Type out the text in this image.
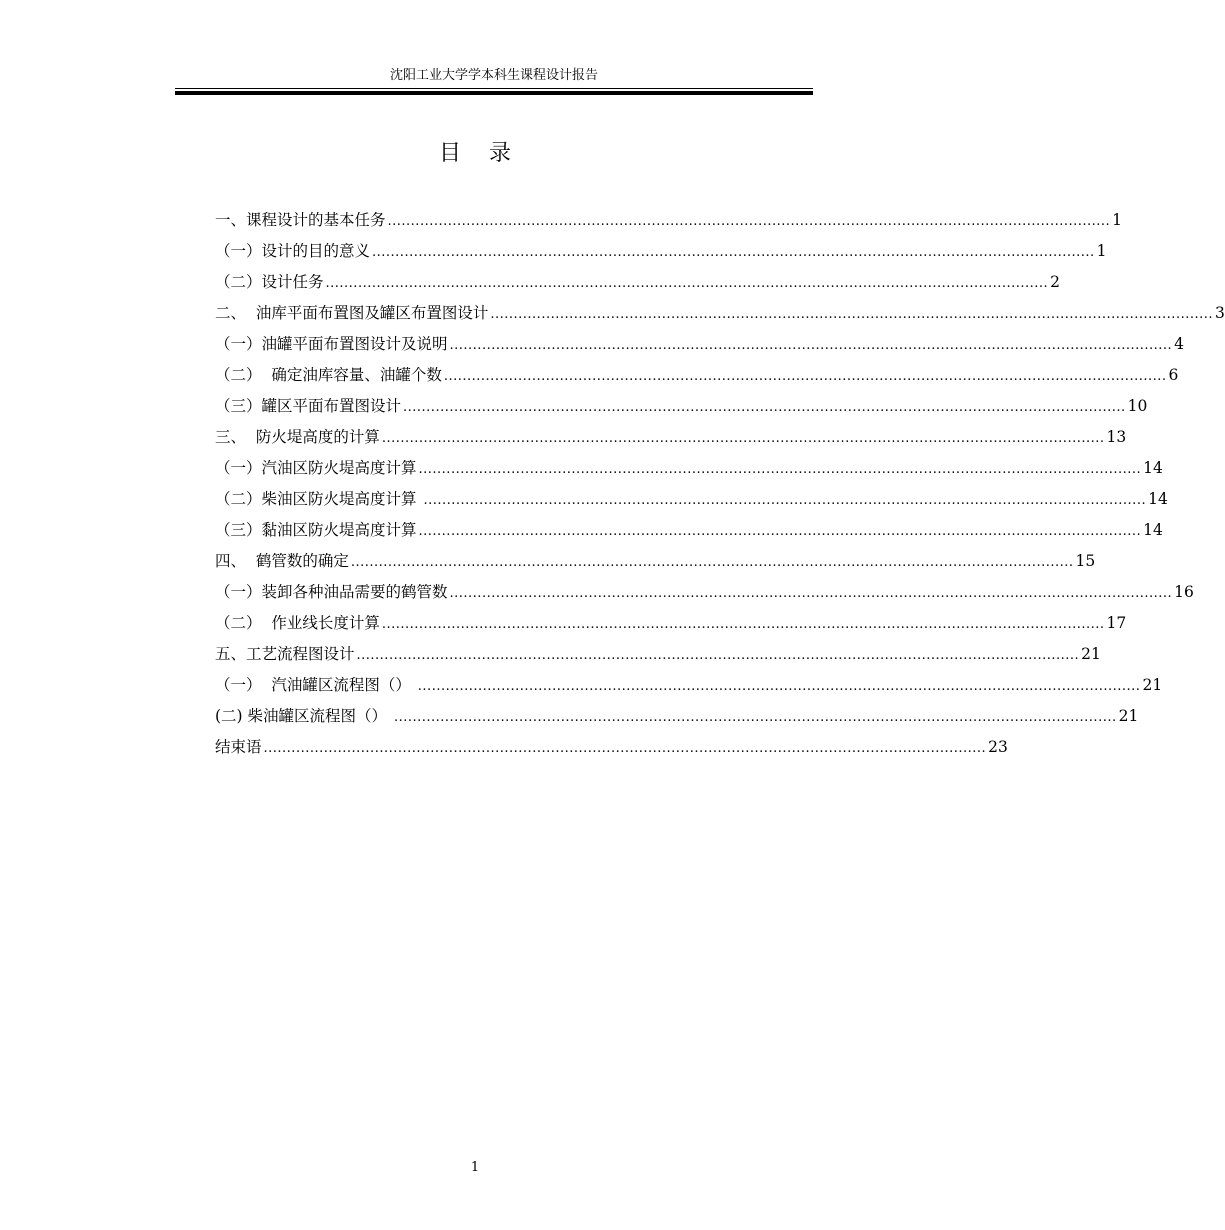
沈阳工业大学学本科生课程设计报告
目录
一、课程设计的基本任务 ............................................................................................................................................................ 1
（一）设计的目的意义 ............................................................................................................................................................ 1
（二）设计任务 ............................................................................................................................................................ 2
二、  油库平面布置图及罐区布置图设计 ............................................................................................................................................................ 3
（一）油罐平面布置图设计及说明 ............................................................................................................................................................ 4
（二）  确定油库容量、油罐个数 ............................................................................................................................................................ 6
（三）罐区平面布置图设计 ............................................................................................................................................................ 10
三、  防火堤高度的计算 ............................................................................................................................................................ 13
（一）汽油区防火堤高度计算 ............................................................................................................................................................ 14
（二）柴油区防火堤高度计算 ............................................................................................................................................................ 14
（三）黏油区防火堤高度计算 ............................................................................................................................................................ 14
四、  鹤管数的确定 ............................................................................................................................................................ 15
（一）装卸各种油品需要的鹤管数 ............................................................................................................................................................ 16
（二）  作业线长度计算 ............................................................................................................................................................ 17
五、工艺流程图设计 ............................................................................................................................................................ 21
（一）  汽油罐区流程图（） ............................................................................................................................................................ 21
(二) 柴油罐区流程图（） ............................................................................................................................................................ 21
结束语 ............................................................................................................................................................ 23
1
